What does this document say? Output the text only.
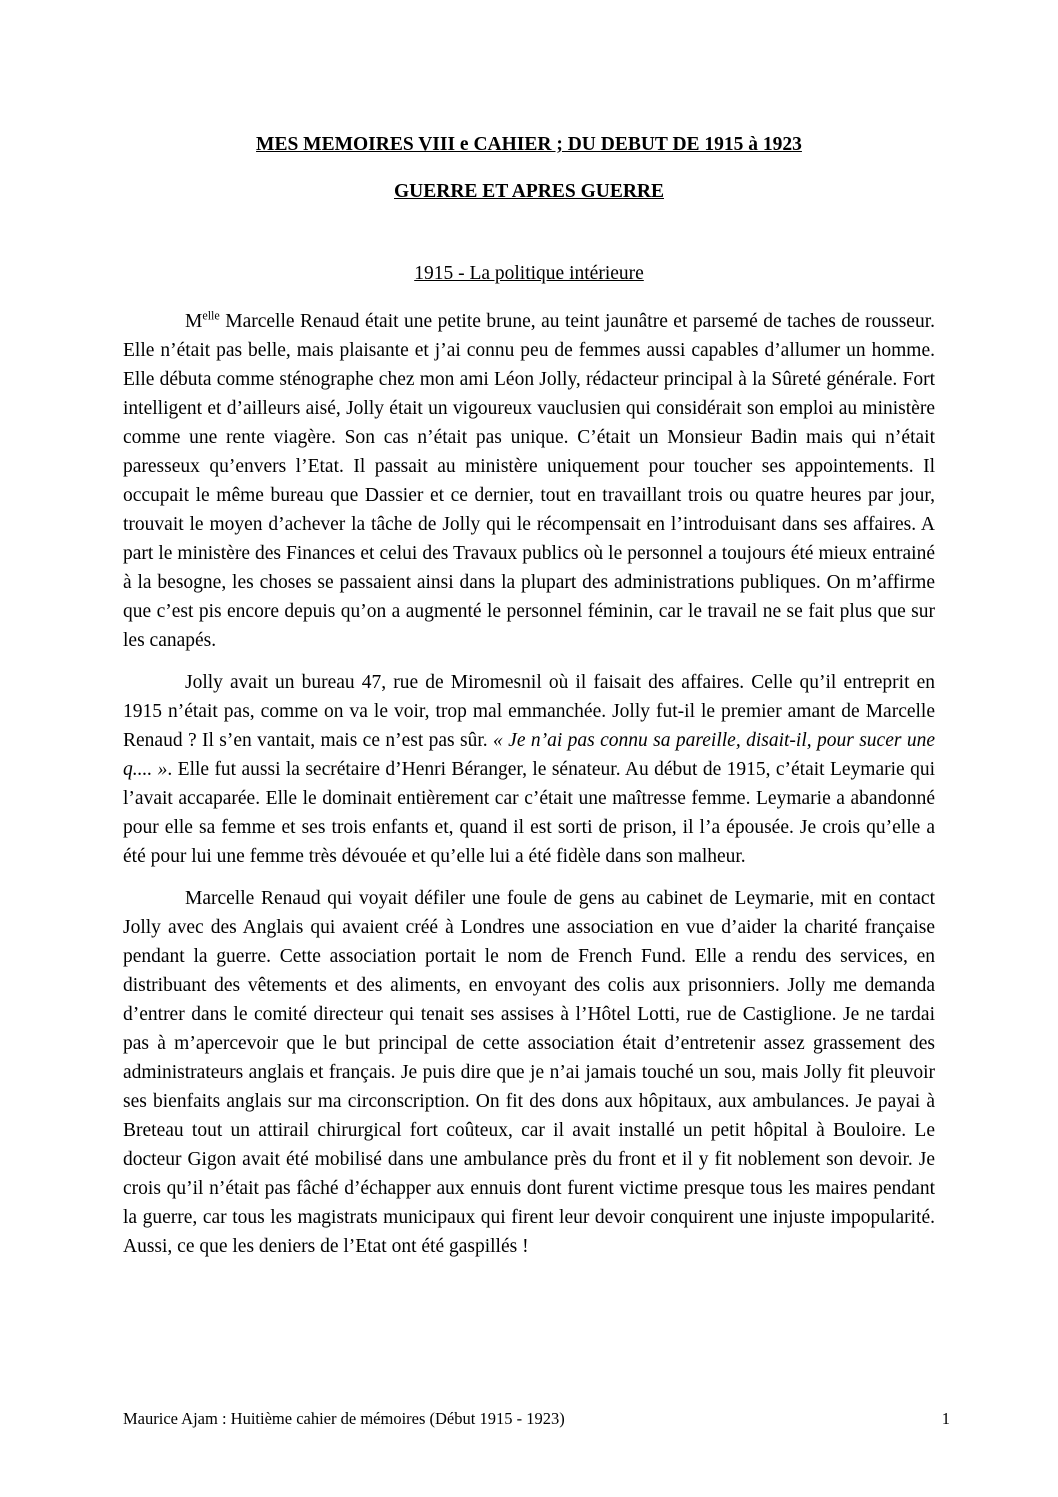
MES MEMOIRES VIII e CAHIER ; DU DEBUT DE 1915 à 1923
GUERRE ET APRES GUERRE
1915 - La politique intérieure

$M^{elle}$ Marcelle Renaud était une petite brune, au teint jaunâtre et parsemé de taches de rousseur. Elle n’était pas belle, mais plaisante et j’ai connu peu de femmes aussi capables d’allumer un homme. Elle débuta comme sténographe chez mon ami Léon Jolly, rédacteur principal à la Sûreté générale. Fort intelligent et d’ailleurs aisé, Jolly était un vigoureux vauclusien qui considérait son emploi au ministère comme une rente viagère. Son cas n’était pas unique. C’était un Monsieur Badin mais qui n’était paresseux qu’envers l’Etat. Il passait au ministère uniquement pour toucher ses appointements. Il occupait le même bureau que Dassier et ce dernier, tout en travaillant trois ou quatre heures par jour, trouvait le moyen d’achever la tâche de Jolly qui le récompensait en l’introduisant dans ses affaires. A part le ministère des Finances et celui des Travaux publics où le personnel a toujours été mieux entrainé à la besogne, les choses se passaient ainsi dans la plupart des administrations publiques. On m’affirme que c’est pis encore depuis qu’on a augmenté le personnel féminin, car le travail ne se fait plus que sur les canapés.

Jolly avait un bureau 47, rue de Miromesnil où il faisait des affaires. Celle qu’il entreprit en 1915 n’était pas, comme on va le voir, trop mal emmanchée. Jolly fut-il le premier amant de Marcelle Renaud ? Il s’en vantait, mais ce n’est pas sûr. « Je n’ai pas connu sa pareille, disait-il, pour sucer une q.... ». Elle fut aussi la secrétaire d’Henri Béranger, le sénateur. Au début de 1915, c’était Leymarie qui l’avait accaparée. Elle le dominait entièrement car c’était une maîtresse femme. Leymarie a abandonné pour elle sa femme et ses trois enfants et, quand il est sorti de prison, il l’a épousée. Je crois qu’elle a été pour lui une femme très dévouée et qu’elle lui a été fidèle dans son malheur.

Marcelle Renaud qui voyait défiler une foule de gens au cabinet de Leymarie, mit en contact Jolly avec des Anglais qui avaient créé à Londres une association en vue d’aider la charité française pendant la guerre. Cette association portait le nom de French Fund. Elle a rendu des services, en distribuant des vêtements et des aliments, en envoyant des colis aux prisonniers. Jolly me demanda d’entrer dans le comité directeur qui tenait ses assises à l’Hôtel Lotti, rue de Castiglione. Je ne tardai pas à m’apercevoir que le but principal de cette association était d’entretenir assez grassement des administrateurs anglais et français. Je puis dire que je n’ai jamais touché un sou, mais Jolly fit pleuvoir ses bienfaits anglais sur ma circonscription. On fit des dons aux hôpitaux, aux ambulances. Je payai à Breteau tout un attirail chirurgical fort coûteux, car il avait installé un petit hôpital à Bouloire. Le docteur Gigon avait été mobilisé dans une ambulance près du front et il y fit noblement son devoir. Je crois qu’il n’était pas fâché d’échapper aux ennuis dont furent victime presque tous les maires pendant la guerre, car tous les magistrats municipaux qui firent leur devoir conquirent une injuste impopularité. Aussi, ce que les deniers de l’Etat ont été gaspillés !

Maurice Ajam : Huitième cahier de mémoires (Début 1915 - 1923)	1
